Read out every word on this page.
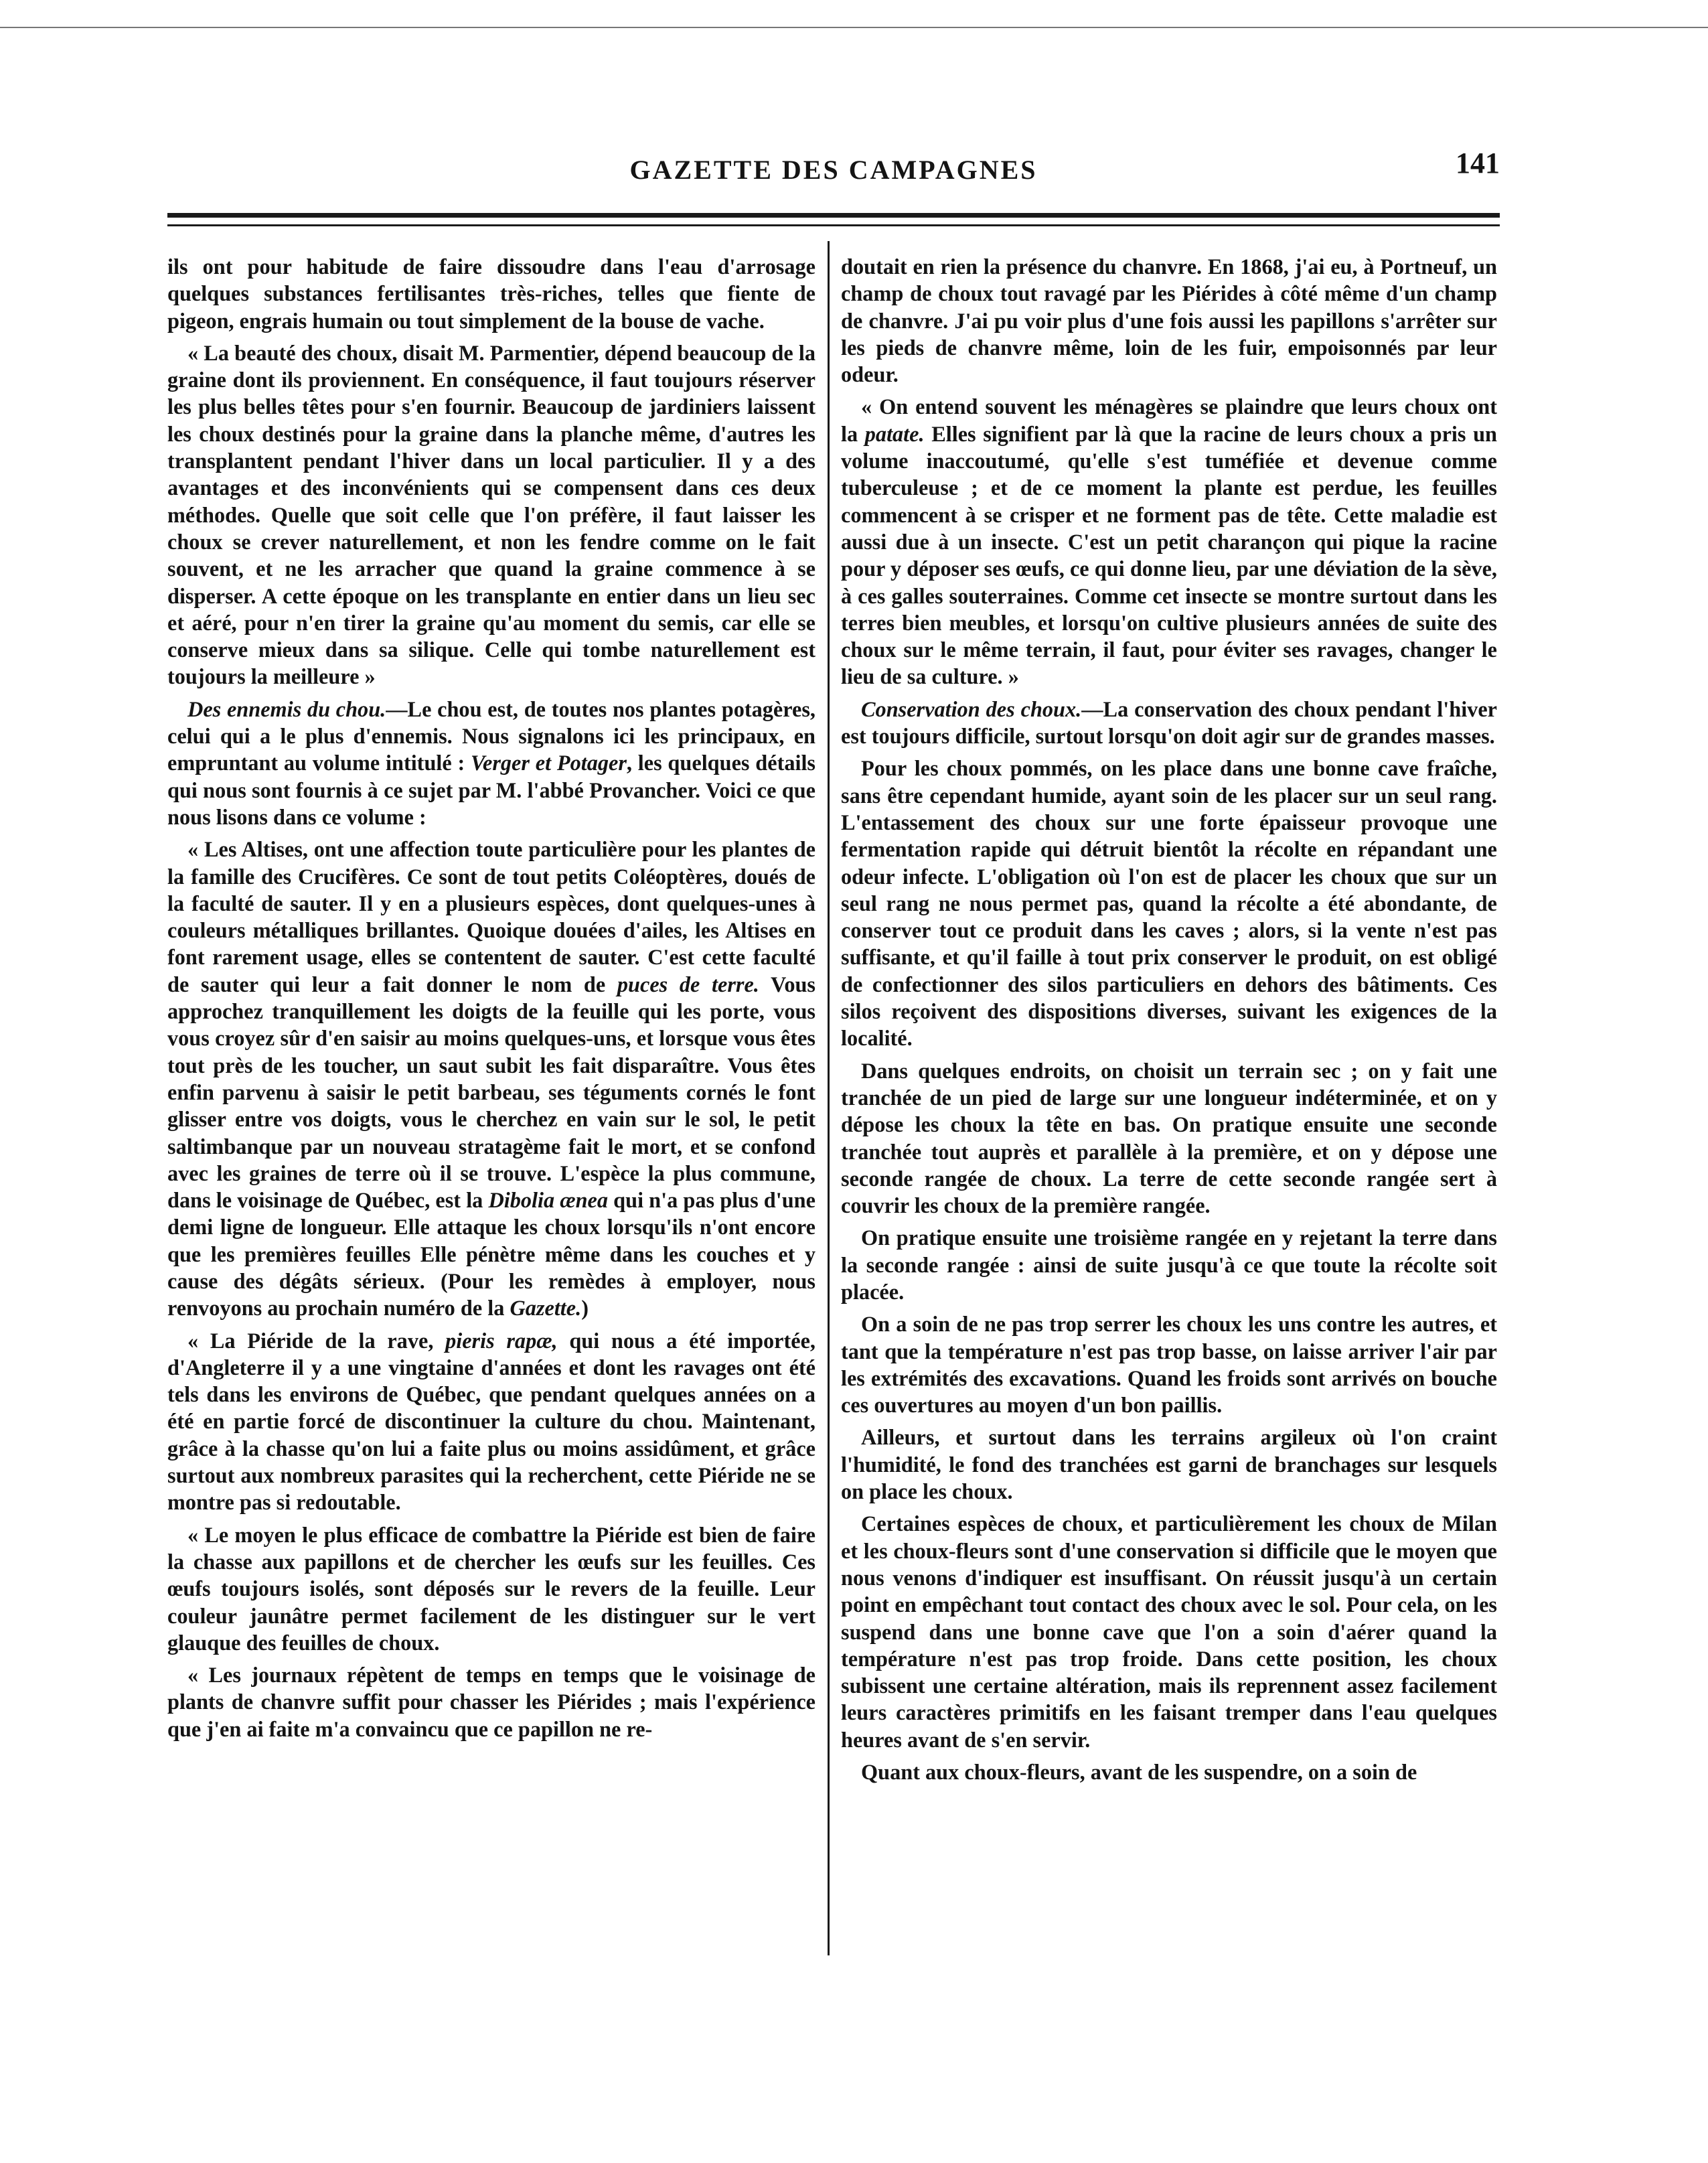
GAZETTE DES CAMPAGNES	141

ils ont pour habitude de faire dissoudre dans l'eau d'arrosage quelques substances fertilisantes très-riches, telles que fiente de pigeon, engrais humain ou tout simplement de la bouse de vache.

« La beauté des choux, disait M. Parmentier, dépend beaucoup de la graine dont ils proviennent. En conséquence, il faut toujours réserver les plus belles têtes pour s'en fournir. Beaucoup de jardiniers laissent les choux destinés pour la graine dans la planche même, d'autres les transplantent pendant l'hiver dans un local particulier. Il y a des avantages et des inconvénients qui se compensent dans ces deux méthodes. Quelle que soit celle que l'on préfère, il faut laisser les choux se crever naturellement, et non les fendre comme on le fait souvent, et ne les arracher que quand la graine commence à se disperser. A cette époque on les transplante en entier dans un lieu sec et aéré, pour n'en tirer la graine qu'au moment du semis, car elle se conserve mieux dans sa silique. Celle qui tombe naturellement est toujours la meilleure »

Des ennemis du chou.—Le chou est, de toutes nos plantes potagères, celui qui a le plus d'ennemis. Nous signalons ici les principaux, en empruntant au volume intitulé : Verger et Potager, les quelques détails qui nous sont fournis à ce sujet par M. l'abbé Provancher. Voici ce que nous lisons dans ce volume :

« Les Altises, ont une affection toute particulière pour les plantes de la famille des Crucifères. Ce sont de tout petits Coléoptères, doués de la faculté de sauter. Il y en a plusieurs espèces, dont quelques-unes à couleurs métalliques brillantes. Quoique douées d'ailes, les Altises en font rarement usage, elles se contentent de sauter. C'est cette faculté de sauter qui leur a fait donner le nom de puces de terre. Vous approchez tranquillement les doigts de la feuille qui les porte, vous vous croyez sûr d'en saisir au moins quelques-uns, et lorsque vous êtes tout près de les toucher, un saut subit les fait disparaître. Vous êtes enfin parvenu à saisir le petit barbeau, ses téguments cornés le font glisser entre vos doigts, vous le cherchez en vain sur le sol, le petit saltimbanque par un nouveau stratagème fait le mort, et se confond avec les graines de terre où il se trouve. L'espèce la plus commune, dans le voisinage de Québec, est la Dibolia ænea qui n'a pas plus d'une demi ligne de longueur. Elle attaque les choux lorsqu'ils n'ont encore que les premières feuilles Elle pénètre même dans les couches et y cause des dégâts sérieux. (Pour les remèdes à employer, nous renvoyons au prochain numéro de la Gazette.)

« La Piéride de la rave, pieris rapæ, qui nous a été importée, d'Angleterre il y a une vingtaine d'années et dont les ravages ont été tels dans les environs de Québec, que pendant quelques années on a été en partie forcé de discontinuer la culture du chou. Maintenant, grâce à la chasse qu'on lui a faite plus ou moins assidûment, et grâce surtout aux nombreux parasites qui la recherchent, cette Piéride ne se montre pas si redoutable.

« Le moyen le plus efficace de combattre la Piéride est bien de faire la chasse aux papillons et de chercher les œufs sur les feuilles. Ces œufs toujours isolés, sont déposés sur le revers de la feuille. Leur couleur jaunâtre permet facilement de les distinguer sur le vert glauque des feuilles de choux.

« Les journaux répètent de temps en temps que le voisinage de plants de chanvre suffit pour chasser les Piérides ; mais l'expérience que j'en ai faite m'a convaincu que ce papillon ne re-

doutait en rien la présence du chanvre. En 1868, j'ai eu, à Portneuf, un champ de choux tout ravagé par les Piérides à côté même d'un champ de chanvre. J'ai pu voir plus d'une fois aussi les papillons s'arrêter sur les pieds de chanvre même, loin de les fuir, empoisonnés par leur odeur.

« On entend souvent les ménagères se plaindre que leurs choux ont la patate. Elles signifient par là que la racine de leurs choux a pris un volume inaccoutumé, qu'elle s'est tuméfiée et devenue comme tuberculeuse ; et de ce moment la plante est perdue, les feuilles commencent à se crisper et ne forment pas de tête. Cette maladie est aussi due à un insecte. C'est un petit charançon qui pique la racine pour y déposer ses œufs, ce qui donne lieu, par une déviation de la sève, à ces galles souterraines. Comme cet insecte se montre surtout dans les terres bien meubles, et lorsqu'on cultive plusieurs années de suite des choux sur le même terrain, il faut, pour éviter ses ravages, changer le lieu de sa culture. »

Conservation des choux.—La conservation des choux pendant l'hiver est toujours difficile, surtout lorsqu'on doit agir sur de grandes masses.

Pour les choux pommés, on les place dans une bonne cave fraîche, sans être cependant humide, ayant soin de les placer sur un seul rang. L'entassement des choux sur une forte épaisseur provoque une fermentation rapide qui détruit bientôt la récolte en répandant une odeur infecte. L'obligation où l'on est de placer les choux que sur un seul rang ne nous permet pas, quand la récolte a été abondante, de conserver tout ce produit dans les caves ; alors, si la vente n'est pas suffisante, et qu'il faille à tout prix conserver le produit, on est obligé de confectionner des silos particuliers en dehors des bâtiments. Ces silos reçoivent des dispositions diverses, suivant les exigences de la localité.

Dans quelques endroits, on choisit un terrain sec ; on y fait une tranchée de un pied de large sur une longueur indéterminée, et on y dépose les choux la tête en bas. On pratique ensuite une seconde tranchée tout auprès et parallèle à la première, et on y dépose une seconde rangée de choux. La terre de cette seconde rangée sert à couvrir les choux de la première rangée.

On pratique ensuite une troisième rangée en y rejetant la terre dans la seconde rangée : ainsi de suite jusqu'à ce que toute la récolte soit placée.

On a soin de ne pas trop serrer les choux les uns contre les autres, et tant que la température n'est pas trop basse, on laisse arriver l'air par les extrémités des excavations. Quand les froids sont arrivés on bouche ces ouvertures au moyen d'un bon paillis.

Ailleurs, et surtout dans les terrains argileux où l'on craint l'humidité, le fond des tranchées est garni de branchages sur lesquels on place les choux.

Certaines espèces de choux, et particulièrement les choux de Milan et les choux-fleurs sont d'une conservation si difficile que le moyen que nous venons d'indiquer est insuffisant. On réussit jusqu'à un certain point en empêchant tout contact des choux avec le sol. Pour cela, on les suspend dans une bonne cave que l'on a soin d'aérer quand la température n'est pas trop froide. Dans cette position, les choux subissent une certaine altération, mais ils reprennent assez facilement leurs caractères primitifs en les faisant tremper dans l'eau quelques heures avant de s'en servir.

Quant aux choux-fleurs, avant de les suspendre, on a soin de
